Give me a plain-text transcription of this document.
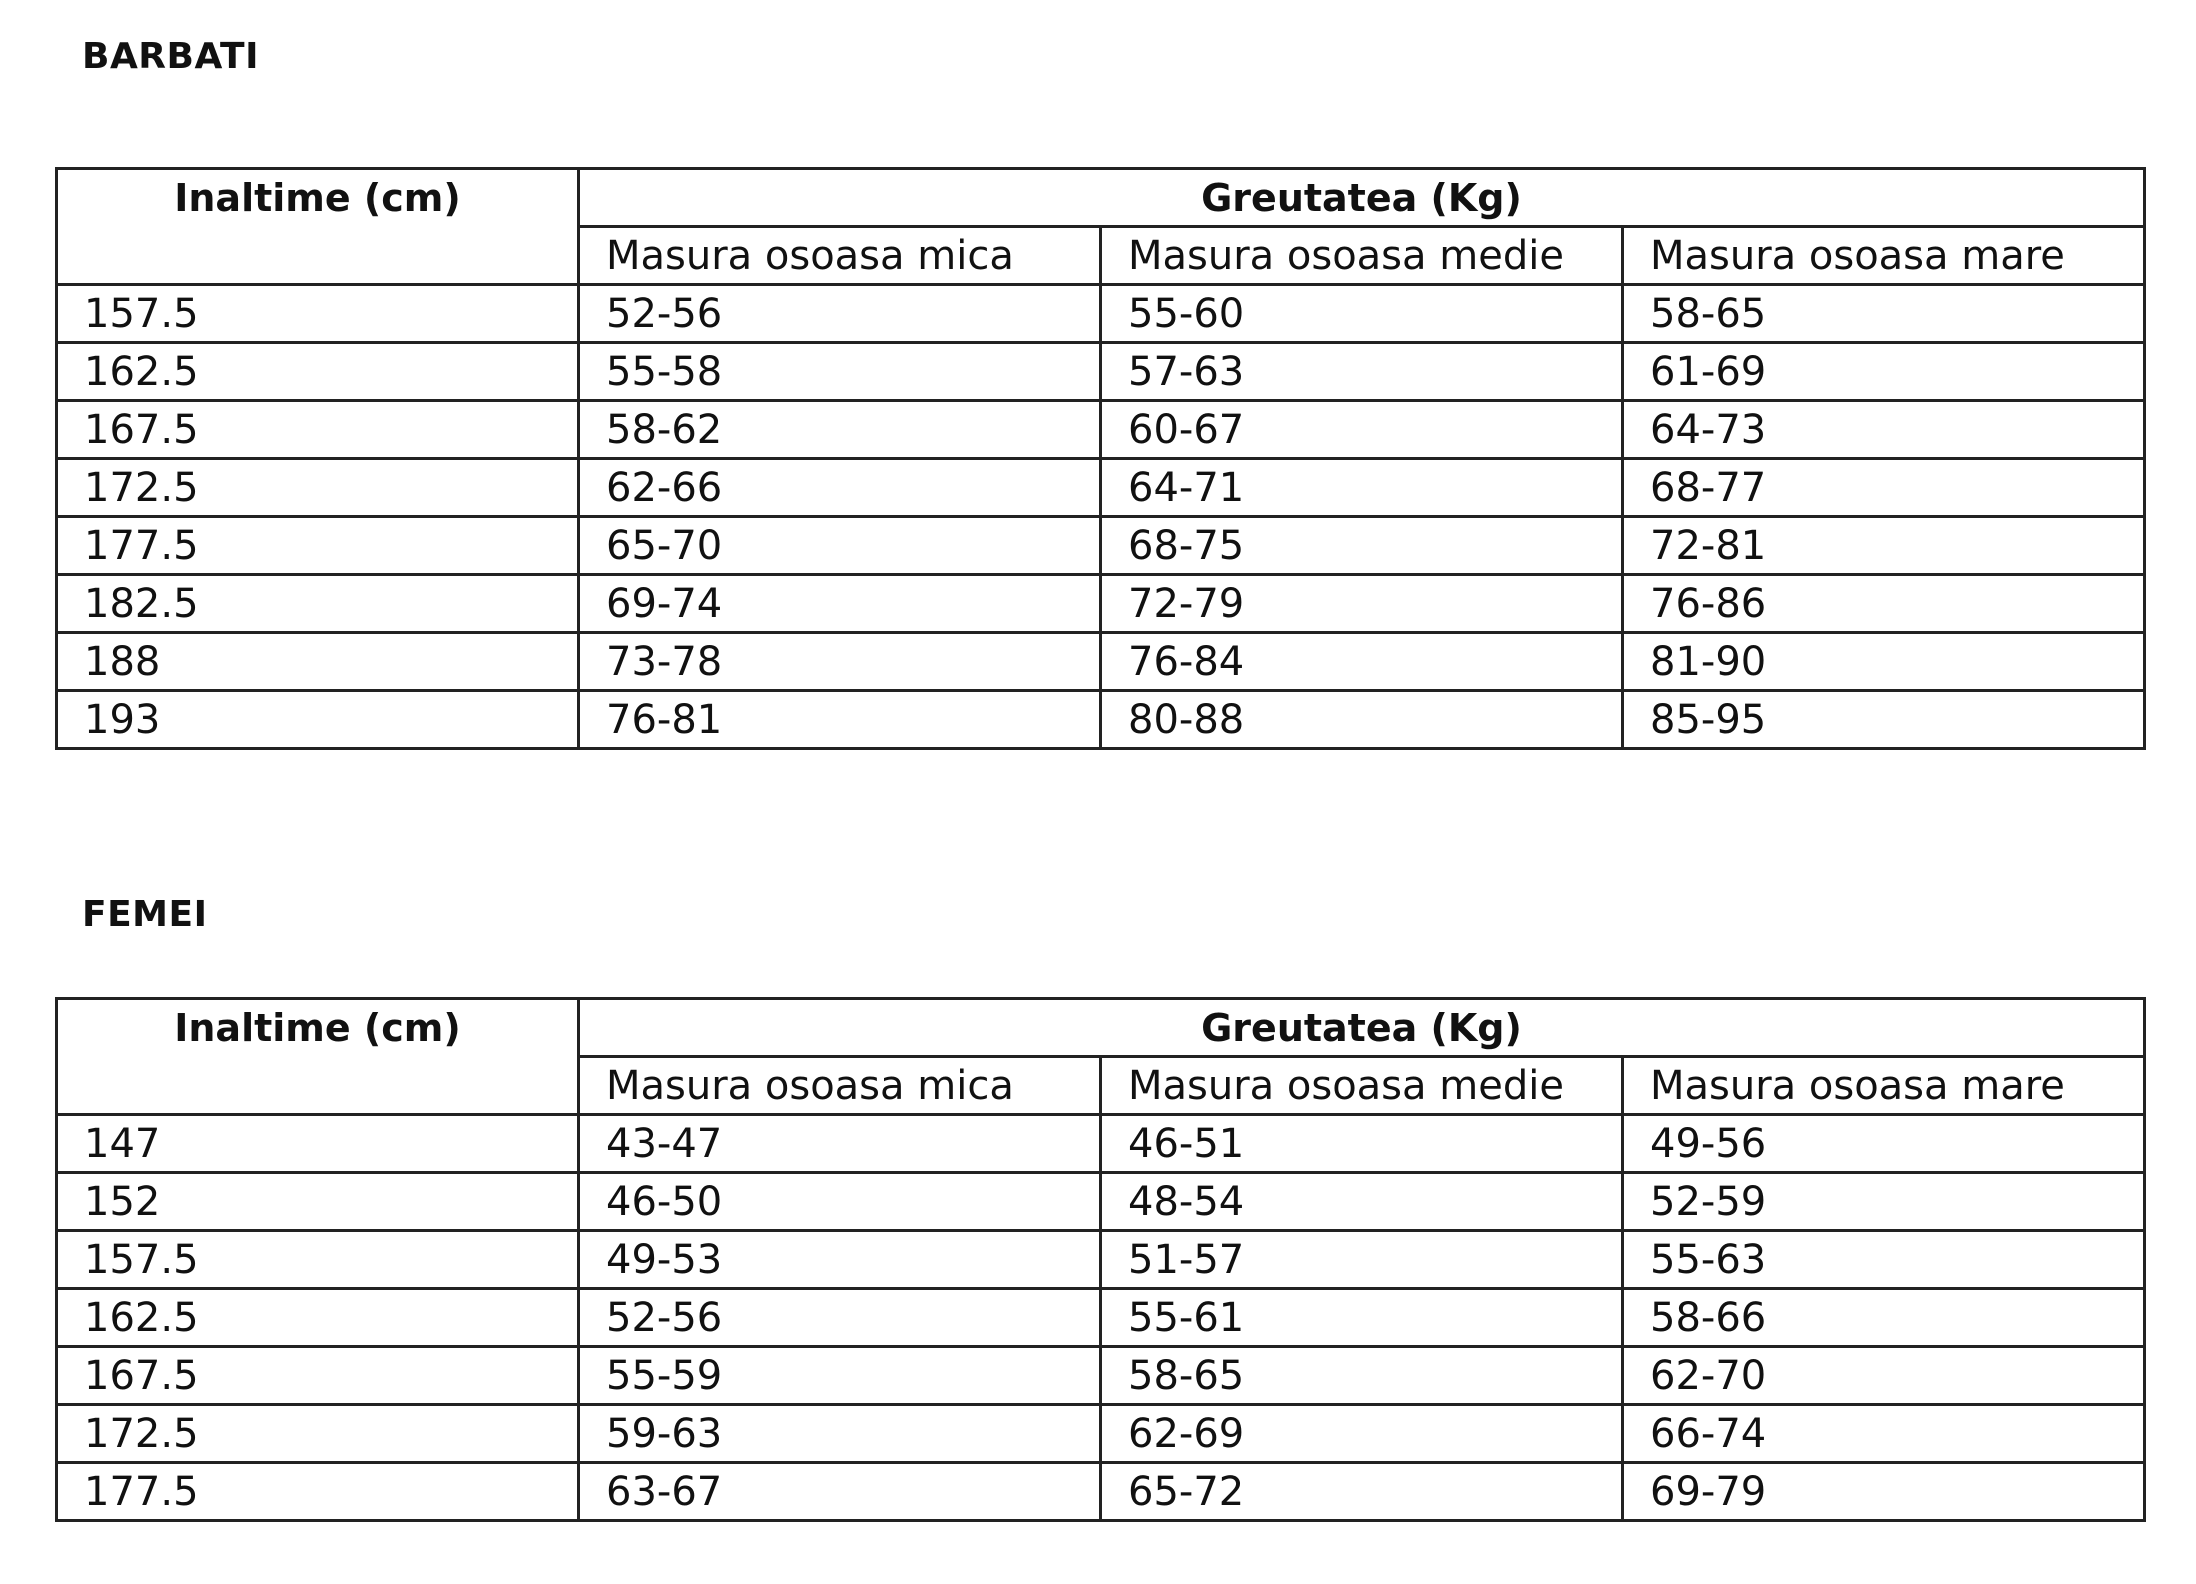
BARBATI
Inaltime (cm)	Greutatea (Kg)		
	Masura osoasa mica	Masura osoasa medie	Masura osoasa mare
157.5	52-56	55-60	58-65
162.5	55-58	57-63	61-69
167.5	58-62	60-67	64-73
172.5	62-66	64-71	68-77
177.5	65-70	68-75	72-81
182.5	69-74	72-79	76-86
188	73-78	76-84	81-90
193	76-81	80-88	85-95
FEMEI
Inaltime (cm)	Greutatea (Kg)		
	Masura osoasa mica	Masura osoasa medie	Masura osoasa mare
147	43-47	46-51	49-56
152	46-50	48-54	52-59
157.5	49-53	51-57	55-63
162.5	52-56	55-61	58-66
167.5	55-59	58-65	62-70
172.5	59-63	62-69	66-74
177.5	63-67	65-72	69-79
